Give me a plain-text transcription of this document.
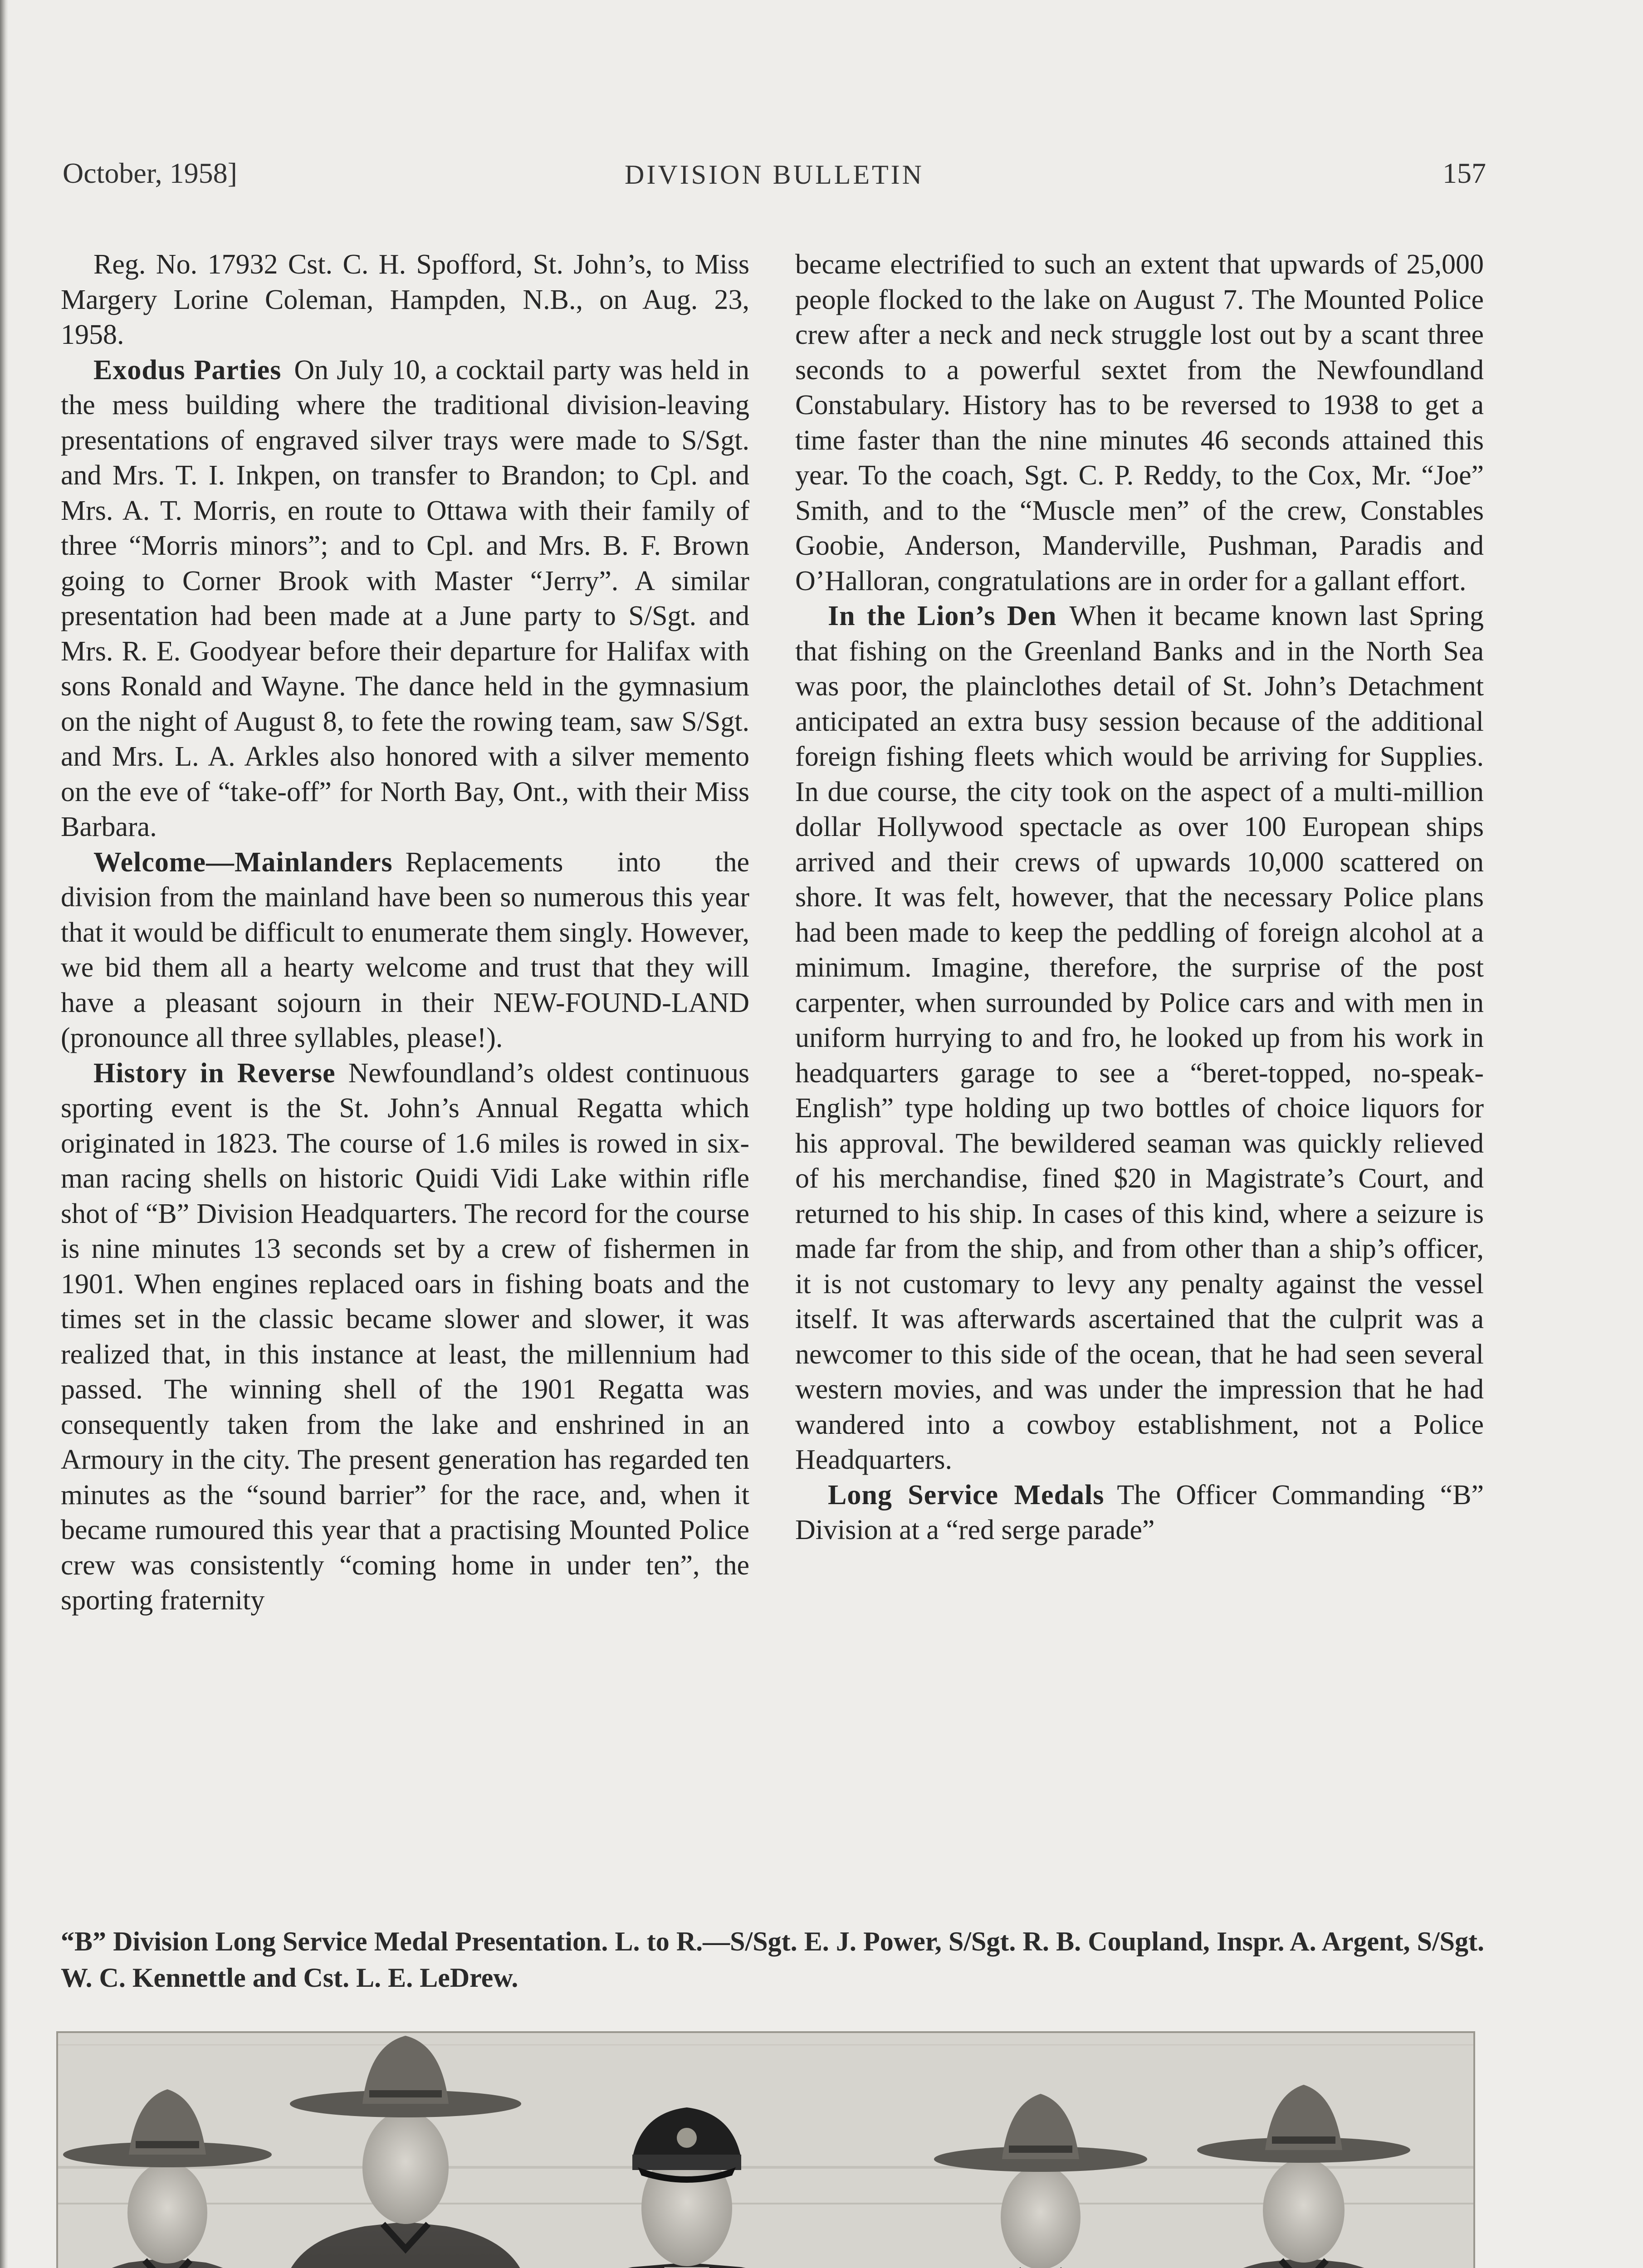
October, 1958]	DIVISION BULLETIN	157

Reg. No. 17932 Cst. C. H. Spofford, St. John’s, to Miss Margery Lorine Coleman, Hampden, N.B., on Aug. 23, 1958.

Exodus Parties On July 10, a cocktail party was held in the mess building where the traditional division-leaving presentations of engraved silver trays were made to S/Sgt. and Mrs. T. I. Inkpen, on transfer to Brandon; to Cpl. and Mrs. A. T. Morris, en route to Ottawa with their family of three “Morris minors”; and to Cpl. and Mrs. B. F. Brown going to Corner Brook with Master “Jerry”. A similar presentation had been made at a June party to S/Sgt. and Mrs. R. E. Goodyear before their departure for Halifax with sons Ronald and Wayne. The dance held in the gymnasium on the night of August 8, to fete the rowing team, saw S/Sgt. and Mrs. L. A. Arkles also honored with a silver memento on the eve of “take-off” for North Bay, Ont., with their Miss Barbara.

Welcome—Mainlanders Replacements into the division from the mainland have been so numerous this year that it would be difficult to enumerate them singly. However, we bid them all a hearty welcome and trust that they will have a pleasant sojourn in their NEW-FOUND-LAND (pronounce all three syllables, please!).

History in Reverse Newfoundland’s oldest continuous sporting event is the St. John’s Annual Regatta which originated in 1823. The course of 1.6 miles is rowed in six-man racing shells on historic Quidi Vidi Lake within rifle shot of “B” Division Headquarters. The record for the course is nine minutes 13 seconds set by a crew of fishermen in 1901. When engines replaced oars in fishing boats and the times set in the classic became slower and slower, it was realized that, in this instance at least, the millennium had passed. The winning shell of the 1901 Regatta was consequently taken from the lake and enshrined in an Armoury in the city. The present generation has regarded ten minutes as the “sound barrier” for the race, and, when it became rumoured this year that a practising Mounted Police crew was consistently “coming home in under ten”, the sporting fraternity

became electrified to such an extent that upwards of 25,000 people flocked to the lake on August 7. The Mounted Police crew after a neck and neck struggle lost out by a scant three seconds to a powerful sextet from the Newfoundland Constabulary. History has to be reversed to 1938 to get a time faster than the nine minutes 46 seconds attained this year. To the coach, Sgt. C. P. Reddy, to the Cox, Mr. “Joe” Smith, and to the “Muscle men” of the crew, Constables Goobie, Anderson, Manderville, Pushman, Paradis and O’Halloran, congratulations are in order for a gallant effort.

In the Lion’s Den When it became known last Spring that fishing on the Greenland Banks and in the North Sea was poor, the plainclothes detail of St. John’s Detachment anticipated an extra busy session because of the additional foreign fishing fleets which would be arriving for Supplies. In due course, the city took on the aspect of a multi-million dollar Hollywood spectacle as over 100 European ships arrived and their crews of upwards 10,000 scattered on shore. It was felt, however, that the necessary Police plans had been made to keep the peddling of foreign alcohol at a minimum. Imagine, therefore, the surprise of the post carpenter, when surrounded by Police cars and with men in uniform hurrying to and fro, he looked up from his work in headquarters garage to see a “beret-topped, no-speak-English” type holding up two bottles of choice liquors for his approval. The bewildered seaman was quickly relieved of his merchandise, fined $20 in Magistrate’s Court, and returned to his ship. In cases of this kind, where a seizure is made far from the ship, and from other than a ship’s officer, it is not customary to levy any penalty against the vessel itself. It was afterwards ascertained that the culprit was a newcomer to this side of the ocean, that he had seen several western movies, and was under the impression that he had wandered into a cowboy establishment, not a Police Headquarters.

Long Service Medals The Officer Commanding “B” Division at a “red serge parade”

“B” Division Long Service Medal Presentation. L. to R.—S/Sgt. E. J. Power, S/Sgt. R. B. Coupland, Inspr. A. Argent, S/Sgt. W. C. Kennettle and Cst. L. E. LeDrew.
